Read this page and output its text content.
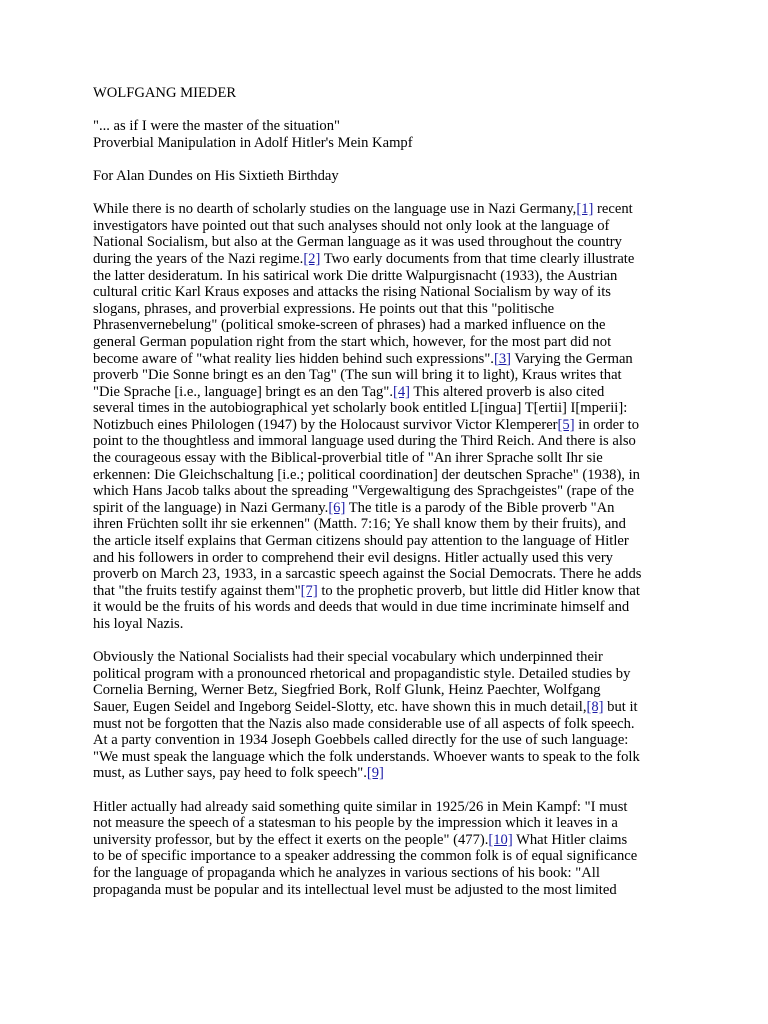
WOLFGANG MIEDER
"... as if I were the master of the situation"
Proverbial Manipulation in Adolf Hitler's Mein Kampf
For Alan Dundes on His Sixtieth Birthday
While there is no dearth of scholarly studies on the language use in Nazi Germany,[1] recent
investigators have pointed out that such analyses should not only look at the language of
National Socialism, but also at the German language as it was used throughout the country
during the years of the Nazi regime.[2] Two early documents from that time clearly illustrate
the latter desideratum. In his satirical work Die dritte Walpurgisnacht (1933), the Austrian
cultural critic Karl Kraus exposes and attacks the rising National Socialism by way of its
slogans, phrases, and proverbial expressions. He points out that this "politische
Phrasenvernebelung" (political smoke-screen of phrases) had a marked influence on the
general German population right from the start which, however, for the most part did not
become aware of "what reality lies hidden behind such expressions".[3] Varying the German
proverb "Die Sonne bringt es an den Tag" (The sun will bring it to light), Kraus writes that
"Die Sprache [i.e., language] bringt es an den Tag".[4] This altered proverb is also cited
several times in the autobiographical yet scholarly book entitled L[ingua] T[ertii] I[mperii]:
Notizbuch eines Philologen (1947) by the Holocaust survivor Victor Klemperer[5] in order to
point to the thoughtless and immoral language used during the Third Reich. And there is also
the courageous essay with the Biblical-proverbial title of "An ihrer Sprache sollt Ihr sie
erkennen: Die Gleichschaltung [i.e.; political coordination] der deutschen Sprache" (1938), in
which Hans Jacob talks about the spreading "Vergewaltigung des Sprachgeistes" (rape of the
spirit of the language) in Nazi Germany.[6] The title is a parody of the Bible proverb "An
ihren Früchten sollt ihr sie erkennen" (Matth. 7:16; Ye shall know them by their fruits), and
the article itself explains that German citizens should pay attention to the language of Hitler
and his followers in order to comprehend their evil designs. Hitler actually used this very
proverb on March 23, 1933, in a sarcastic speech against the Social Democrats. There he adds
that "the fruits testify against them"[7] to the prophetic proverb, but little did Hitler know that
it would be the fruits of his words and deeds that would in due time incriminate himself and
his loyal Nazis.
Obviously the National Socialists had their special vocabulary which underpinned their
political program with a pronounced rhetorical and propagandistic style. Detailed studies by
Cornelia Berning, Werner Betz, Siegfried Bork, Rolf Glunk, Heinz Paechter, Wolfgang
Sauer, Eugen Seidel and Ingeborg Seidel-Slotty, etc. have shown this in much detail,[8] but it
must not be forgotten that the Nazis also made considerable use of all aspects of folk speech.
At a party convention in 1934 Joseph Goebbels called directly for the use of such language:
"We must speak the language which the folk understands. Whoever wants to speak to the folk
must, as Luther says, pay heed to folk speech".[9]
Hitler actually had already said something quite similar in 1925/26 in Mein Kampf: "I must
not measure the speech of a statesman to his people by the impression which it leaves in a
university professor, but by the effect it exerts on the people" (477).[10] What Hitler claims
to be of specific importance to a speaker addressing the common folk is of equal significance
for the language of propaganda which he analyzes in various sections of his book: "All
propaganda must be popular and its intellectual level must be adjusted to the most limited
